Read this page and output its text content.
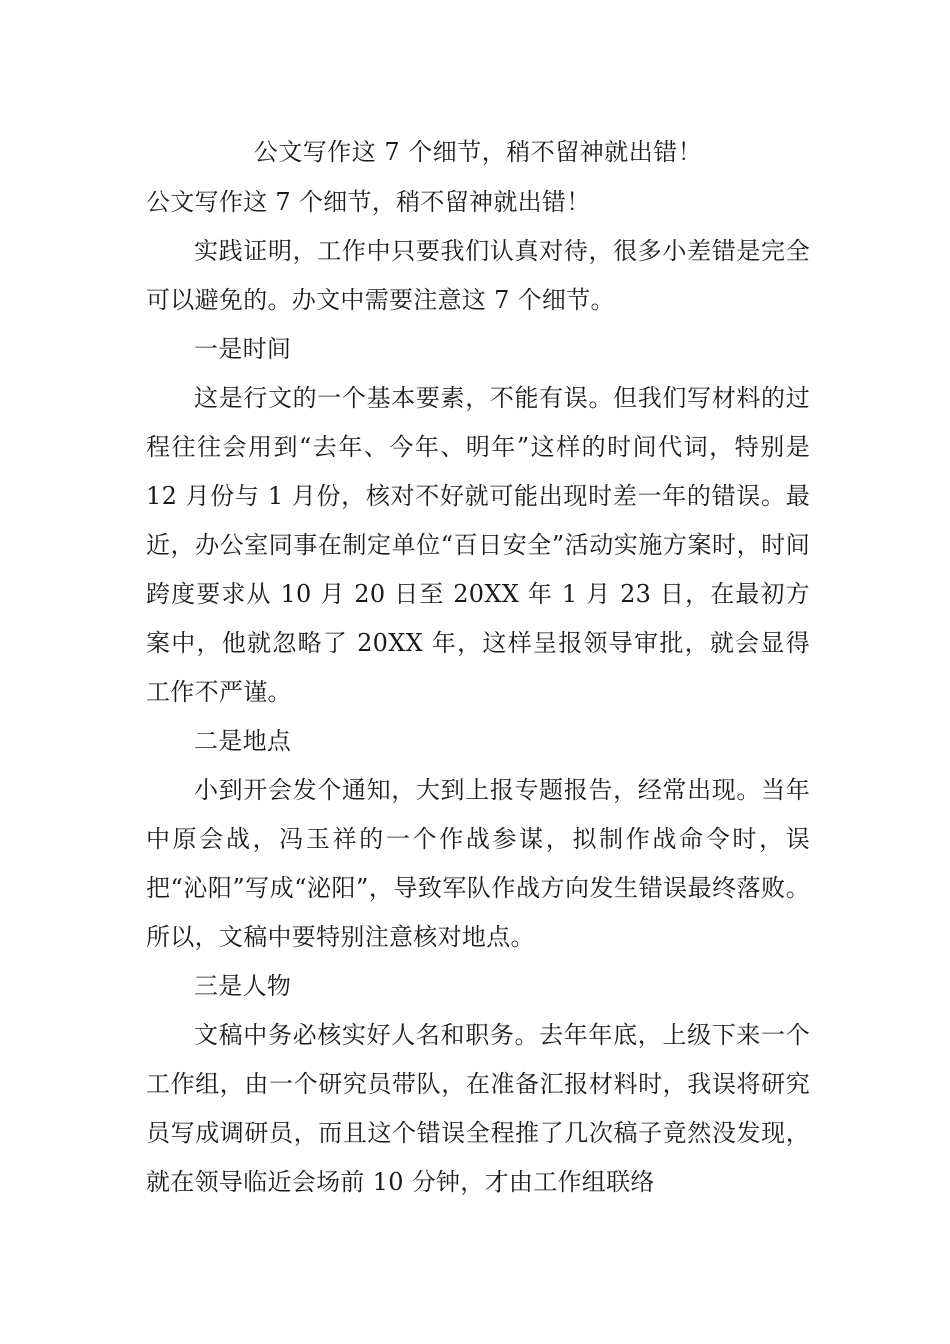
公文写作这 7 个细节，稍不留神就出错！

公文写作这 7 个细节，稍不留神就出错！

实践证明，工作中只要我们认真对待，很多小差错是完全可以避免的。办文中需要注意这 7 个细节。

一是时间

这是行文的一个基本要素，不能有误。但我们写材料的过程往往会用到“去年、今年、明年”这样的时间代词，特别是 12 月份与 1 月份，核对不好就可能出现时差一年的错误。最近，办公室同事在制定单位“百日安全”活动实施方案时，时间跨度要求从 10 月 20 日至 20XX 年 1 月 23 日，在最初方案中，他就忽略了 20XX 年，这样呈报领导审批，就会显得工作不严谨。

二是地点

小到开会发个通知，大到上报专题报告，经常出现。当年中原会战，冯玉祥的一个作战参谋，拟制作战命令时，误把“沁阳”写成“泌阳”，导致军队作战方向发生错误最终落败。所以，文稿中要特别注意核对地点。

三是人物

文稿中务必核实好人名和职务。去年年底，上级下来一个工作组，由一个研究员带队，在准备汇报材料时，我误将研究员写成调研员，而且这个错误全程推了几次稿子竟然没发现，就在领导临近会场前 10 分钟，才由工作组联络
